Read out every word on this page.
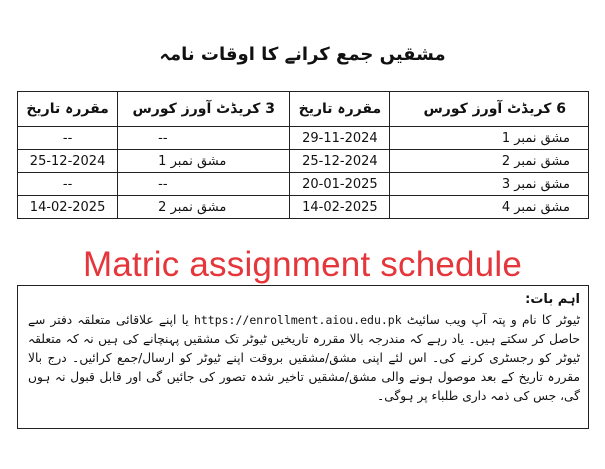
مشقیں جمع کرانے کا اوقات نامہ
6 کریڈٹ آورز کورس	مقررہ تاریخ	3 کریڈٹ آورز کورس	مقررہ تاریخ
مشق نمبر 1	29-11-2024	--	--
مشق نمبر 2	25-12-2024	مشق نمبر 1	25-12-2024
مشق نمبر 3	20-01-2025	--	--
مشق نمبر 4	14-02-2025	مشق نمبر 2	14-02-2025
Matric assignment schedule
اہم بات:
ٹیوٹر کا نام و پتہ آپ ویب سائیٹ https://enrollment.aiou.edu.pk یا اپنے علاقائی متعلقہ دفتر سے حاصل کر سکتے ہیں۔ یاد رہے کہ مندرجہ بالا مقررہ تاریخیں ٹیوٹر تک مشقیں پہنچانے کی ہیں نہ کہ متعلقہ ٹیوٹر کو رجسٹری کرنے کی۔ اس لئے اپنی مشق/مشقیں بروقت اپنے ٹیوٹر کو ارسال/جمع کرائیں۔ درج بالا مقررہ تاریخ کے بعد موصول ہونے والی مشق/مشقیں تاخیر شدہ تصور کی جائیں گی اور قابل قبول نہ ہوں گی، جس کی ذمہ داری طلباء پر ہوگی۔
